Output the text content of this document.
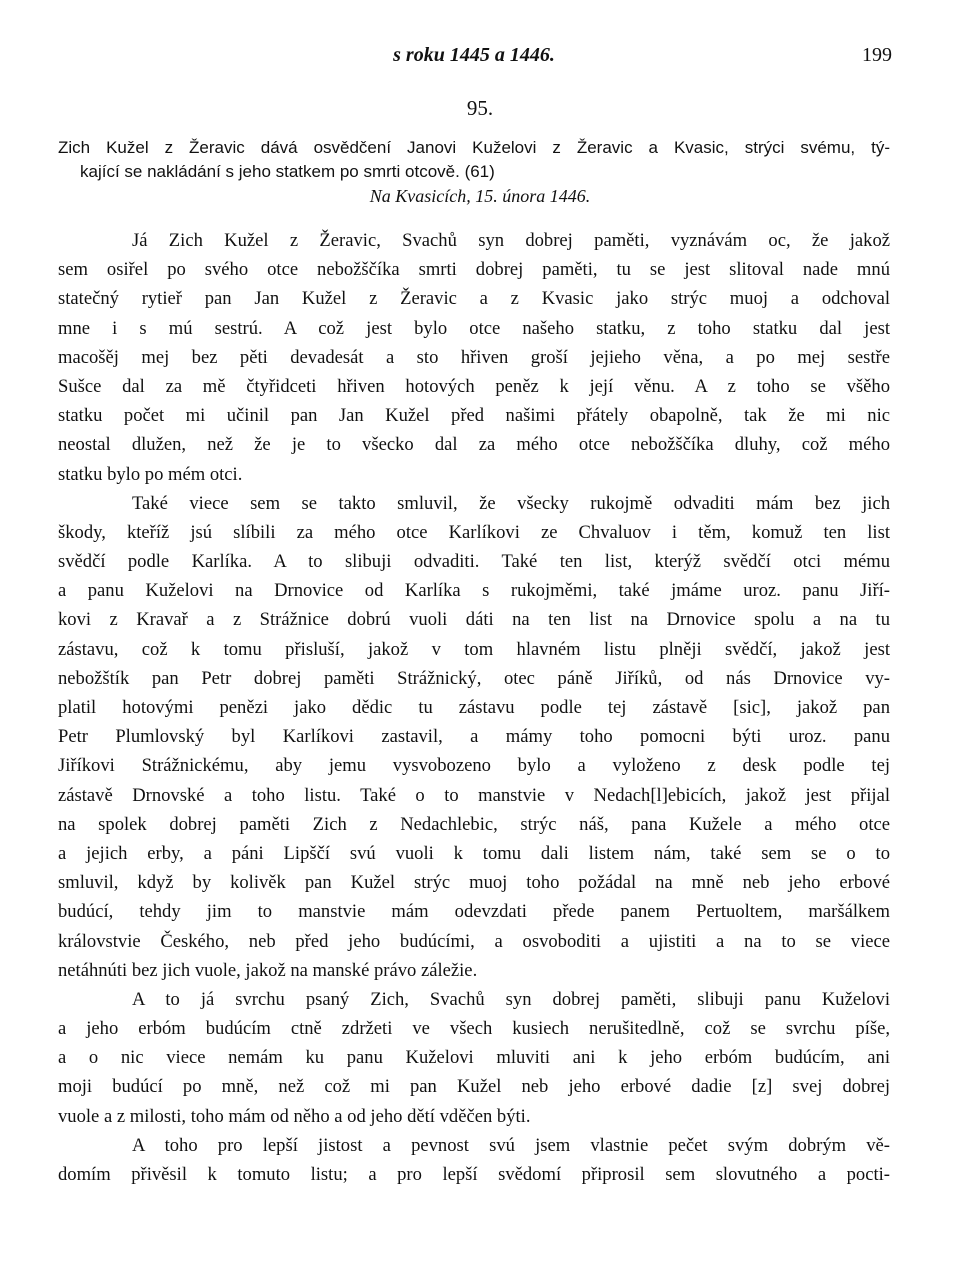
s roku 1445 a 1446.	199
95.
Zich Kužel z Žeravic dává osvědčení Janovi Kuželovi z Žeravic a Kvasic, strýci svému, tý-
kající se nakládání s jeho statkem po smrti otcově. (61)
Na Kvasicích, 15. února 1446.
Já Zich Kužel z Žeravic, Svachů syn dobrej paměti, vyznávám oc, že jakož
sem osiřel po svého otce nebožščíka smrti dobrej paměti, tu se jest slitoval nade mnú
statečný rytieř pan Jan Kužel z Žeravic a z Kvasic jako strýc muoj a odchoval
mne i s mú sestrú. A což jest bylo otce našeho statku, z toho statku dal jest
macošěj mej bez pěti devadesát a sto hřiven groší jejieho věna, a po mej sestře
Sušce dal za mě čtyřidceti hřiven hotových peněz k její věnu. A z toho se všěho
statku počet mi učinil pan Jan Kužel před našimi přátely obapolně, tak že mi nic
neostal dlužen, než že je to všecko dal za mého otce nebožščíka dluhy, což mého
statku bylo po mém otci.
Také viece sem se takto smluvil, že všecky rukojmě odvaditi mám bez jich
škody, kteříž jsú slíbili za mého otce Karlíkovi ze Chvaluov i těm, komuž ten list
svědčí podle Karlíka. A to slibuji odvaditi. Také ten list, kterýž svědčí otci mému
a panu Kuželovi na Drnovice od Karlíka s rukojměmi, také jmáme uroz. panu Jiří-
kovi z Kravař a z Strážnice dobrú vuoli dáti na ten list na Drnovice spolu a na tu
zástavu, což k tomu přisluší, jakož v tom hlavném listu plněji svědčí, jakož jest
nebožštík pan Petr dobrej paměti Strážnický, otec páně Jiříků, od nás Drnovice vy-
platil hotovými penězi jako dědic tu zástavu podle tej zástavě [sic], jakož pan
Petr Plumlovský byl Karlíkovi zastavil, a mámy toho pomocni býti uroz. panu
Jiříkovi Strážnickému, aby jemu vysvobozeno bylo a vyloženo z desk podle tej
zástavě Drnovské a toho listu. Také o to manstvie v Nedach[l]ebicích, jakož jest přijal
na spolek dobrej paměti Zich z Nedachlebic, strýc náš, pana Kužele a mého otce
a jejich erby, a páni Lipščí svú vuoli k tomu dali listem nám, také sem se o to
smluvil, když by kolivěk pan Kužel strýc muoj toho požádal na mně neb jeho erbové
budúcí, tehdy jim to manstvie mám odevzdati přede panem Pertuoltem, maršálkem
královstvie Českého, neb před jeho budúcími, a osvoboditi a ujistiti a na to se viece
netáhnúti bez jich vuole, jakož na manské právo záležie.
A to já svrchu psaný Zich, Svachů syn dobrej paměti, slibuji panu Kuželovi
a jeho erbóm budúcím ctně zdržeti ve všech kusiech nerušitedlně, což se svrchu píše,
a o nic viece nemám ku panu Kuželovi mluviti ani k jeho erbóm budúcím, ani
moji budúcí po mně, než což mi pan Kužel neb jeho erbové dadie [z] svej dobrej
vuole a z milosti, toho mám od něho a od jeho dětí vděčen býti.
A toho pro lepší jistost a pevnost svú jsem vlastnie pečet svým dobrým vě-
domím přivěsil k tomuto listu; a pro lepší svědomí připrosil sem slovutného a pocti-
